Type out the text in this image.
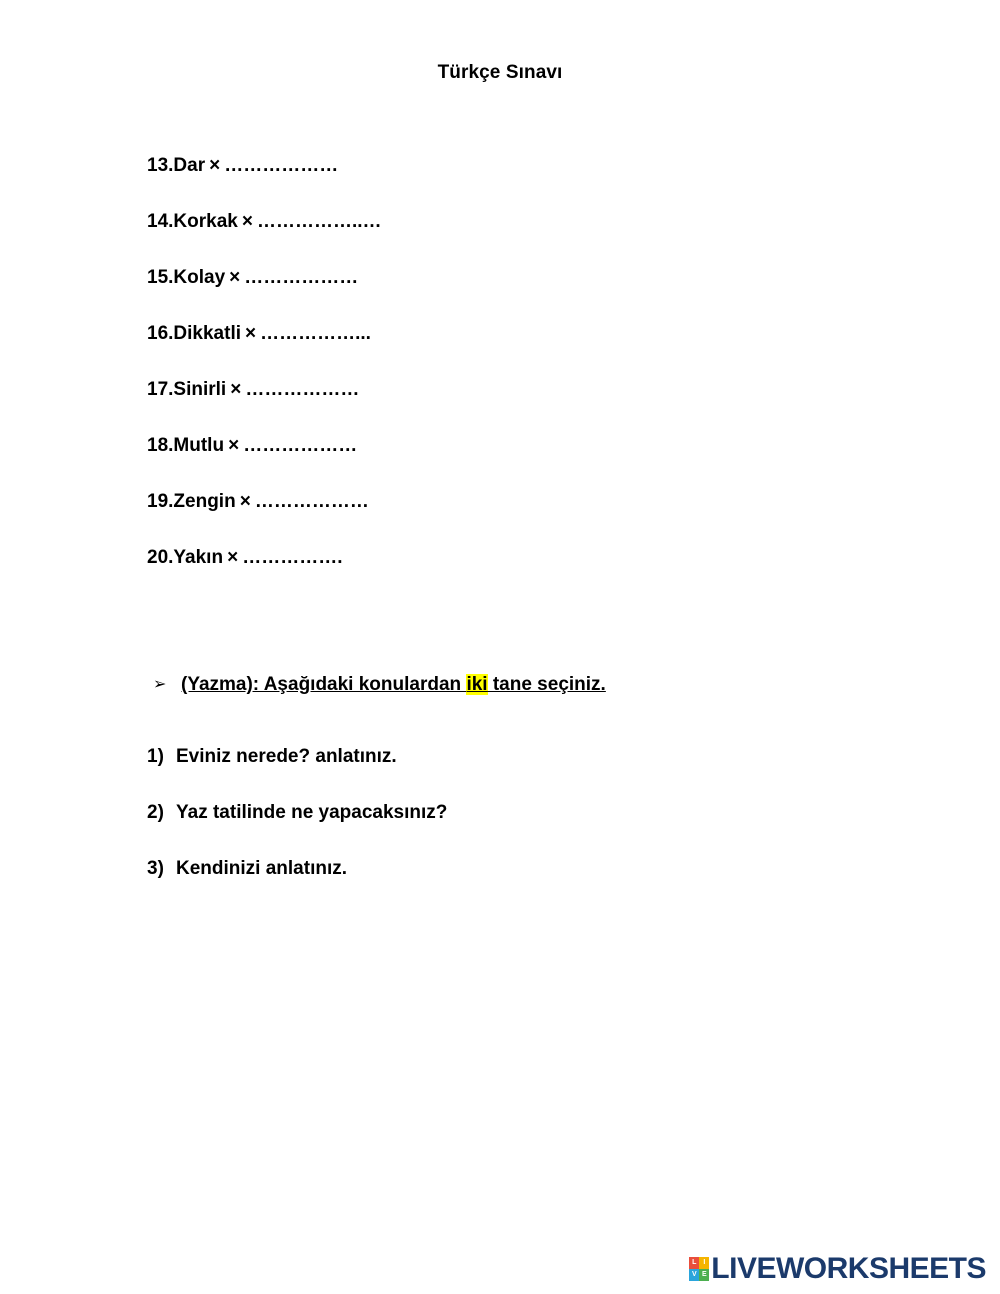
Türkçe Sınavı
13.Dar × ………………
14.Korkak × ……………..…
15.Kolay × ………………
16.Dikkatli × ……………...
17.Sinirli × ………………
18.Mutlu × ………………
19.Zengin × ………………
20.Yakın × …………….
➢ (Yazma): Aşağıdaki konulardan iki tane seçiniz.
1) Eviniz nerede? anlatınız.
2) Yaz tatilinde ne yapacaksınız?
3) Kendinizi anlatınız.
L I
V E LIVEWORKSHEETS
